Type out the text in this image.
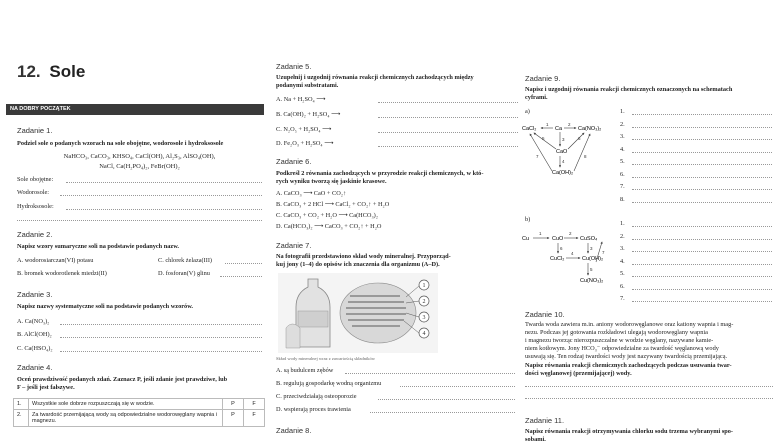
12. Sole
NA DOBRY POCZĄTEK
Zadanie 1.
Podziel sole o podanych wzorach na sole obojętne, wodorosole i hydroksosole
NaHCO₃, CaCO₃, KHSO₄, CaCl(OH), Al₂S₃, AlSO₄(OH),
NaCl, Ca(H₂PO₄)₂, FeBr(OH)₂
Sole obojętne:
Wodorosole:
Hydroksosole:
Zadanie 2.
Napisz wzory sumaryczne soli na podstawie podanych nazw.
A. wodorosiarczan(VI) potasu	C. chlorek żelaza(III)
B. bromek wodorotlenek miedzi(II)	D. fosforan(V) glinu
Zadanie 3.
Napisz nazwy systematyczne soli na podstawie podanych wzorów.
A. Ca(NO₃)₂
B. AlCl(OH)₂
C. Ca(HSO₄)₂
Zadanie 4.
Oceń prawdziwość podanych zdań. Zaznacz P, jeśli zdanie jest prawdziwe, lub
F – jeśli jest fałszywe.
1.	Wszystkie sole dobrze rozpuszczają się w wodzie.	P	F
2.	Za twardość przemijającą wody są odpowiedzialne wodorowęglany wapnia i magnezu.	P	F
Zadanie 5.
Uzupełnij i uzgodnij równania reakcji chemicznych zachodzących między
podanymi substratami.
A. Na + H₂SO₄ ⟶
B. Ca(OH)₂ + H₂SO₄ ⟶
C. N₂O₅ + H₂SO₄ ⟶
D. Fe₂O₃ + H₂SO₄ ⟶
Zadanie 6.
Podkreśl 2 równania zachodzących w przyrodzie reakcji chemicznych, w któ-
rych wyniku tworzą się jaskinie krasowe.
A. CaCO₃ ⟶ CaO + CO₂↑
B. CaCO₃ + 2 HCl ⟶ CaCl₂ + CO₂↑ + H₂O
C. CaCO₃ + CO₂ + H₂O ⟶ Ca(HCO₃)₂
D. Ca(HCO₃)₂ ⟶ CaCO₃ + CO₂↑ + H₂O
Zadanie 7.
Na fotografii przedstawiono skład wody mineralnej. Przyporząd-
kuj jony (1–4) do opisów ich znaczenia dla organizmu (A–D).
1
2
3
4
Skład wody mineralnej wraz z zawartością składników
A. są budulcem zębów
B. regulują gospodarkę wodną organizmu
C. przeciwdziałają osteoporozie
D. wspierają proces trawienia
Zadanie 8.
Zadanie 9.
Napisz i uzgodnij równania reakcji chemicznych oznaczonych na schematach
cyframi.
a)
CaCl₂	Ca	Ca(NO₃)₂
CaO
Ca(OH)₂
1	2
3
4
5	6
7	8
1.
2.
3.
4.
5.
6.
7.
8.
b)
Cu	CuO	CuSO₄
CuCl₂	Cu(OH)₂
Cu(NO₃)₂
1	2
3
4
5
6
7
1.
2.
3.
4.
5.
6.
7.
Zadanie 10.
Twarda woda zawiera m.in. aniony wodorowęglanowe oraz kationy wapnia i mag-
nezu. Podczas jej gotowania rozkładowi ulegają wodorowęglany wapnia
i magnezu tworząc nierozpuszczalne w wodzie węglany, nazywane kamie-
niem kotłowym. Jony HCO₃⁻ odpowiedzialne za twardość węglanową wody
usuwają się. Ten rodzaj twardości wody jest nazywany twardością przemijającą.
Napisz równania reakcji chemicznych zachodzących podczas usuwania twar-
dości węglanowej (przemijającej) wody.
Zadanie 11.
Napisz równania reakcji otrzymywania chlorku sodu trzema wybranymi spo-
sobami.
